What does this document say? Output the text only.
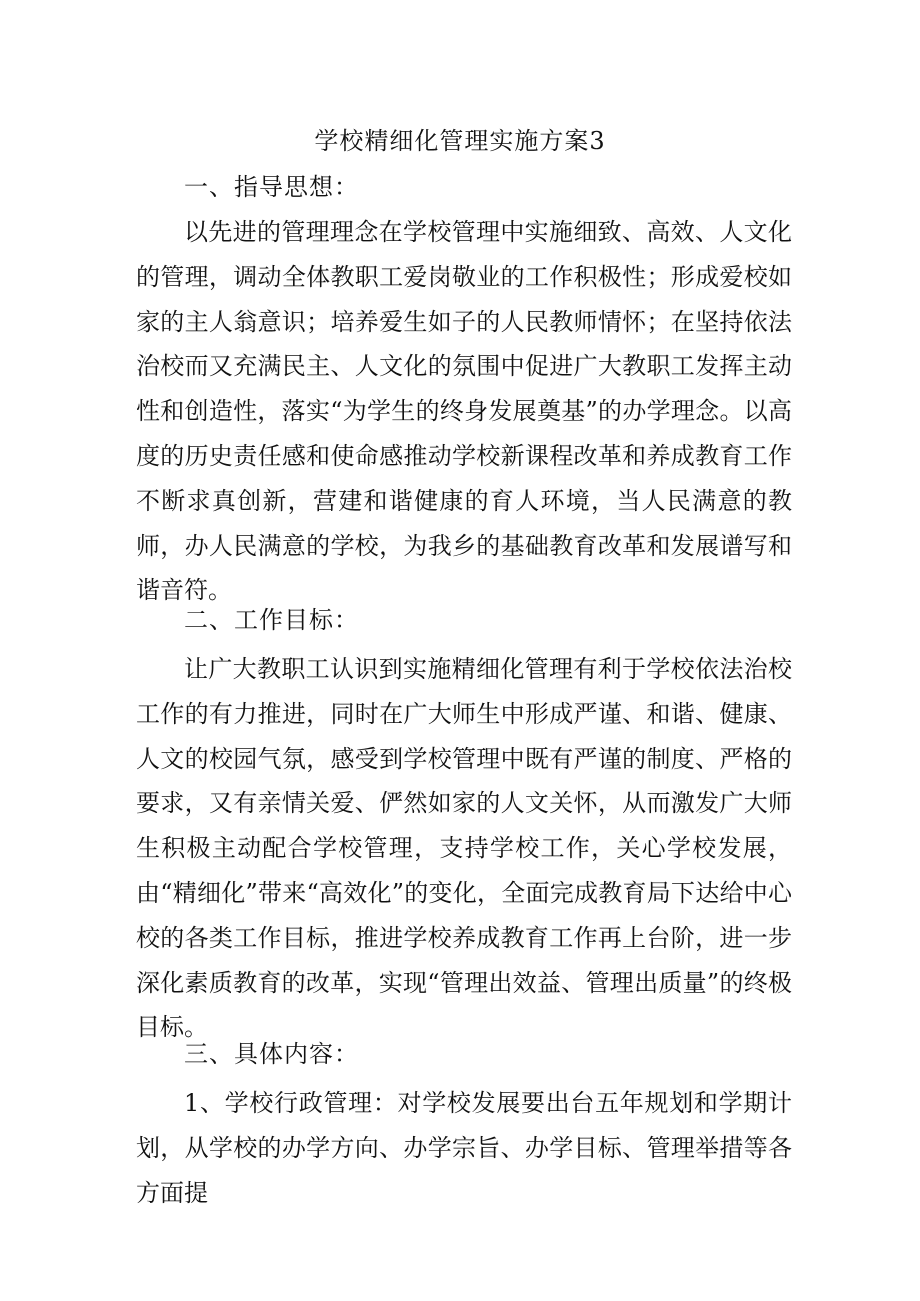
学校精细化管理实施方案3
一、指导思想：

以先进的管理理念在学校管理中实施细致、高效、人文化的管理，调动全体教职工爱岗敬业的工作积极性；形成爱校如家的主人翁意识；培养爱生如子的人民教师情怀；在坚持依法治校而又充满民主、人文化的氛围中促进广大教职工发挥主动性和创造性，落实“为学生的终身发展奠基”的办学理念。以高度的历史责任感和使命感推动学校新课程改革和养成教育工作不断求真创新，营建和谐健康的育人环境，当人民满意的教师，办人民满意的学校，为我乡的基础教育改革和发展谱写和谐音符。

二、工作目标：

让广大教职工认识到实施精细化管理有利于学校依法治校工作的有力推进，同时在广大师生中形成严谨、和谐、健康、人文的校园气氛，感受到学校管理中既有严谨的制度、严格的要求，又有亲情关爱、俨然如家的人文关怀，从而激发广大师生积极主动配合学校管理，支持学校工作，关心学校发展，由“精细化”带来“高效化”的变化，全面完成教育局下达给中心校的各类工作目标，推进学校养成教育工作再上台阶，进一步深化素质教育的改革，实现“管理出效益、管理出质量”的终极目标。

三、具体内容：

1、学校行政管理：对学校发展要出台五年规划和学期计划，从学校的办学方向、办学宗旨、办学目标、管理举措等各方面提
